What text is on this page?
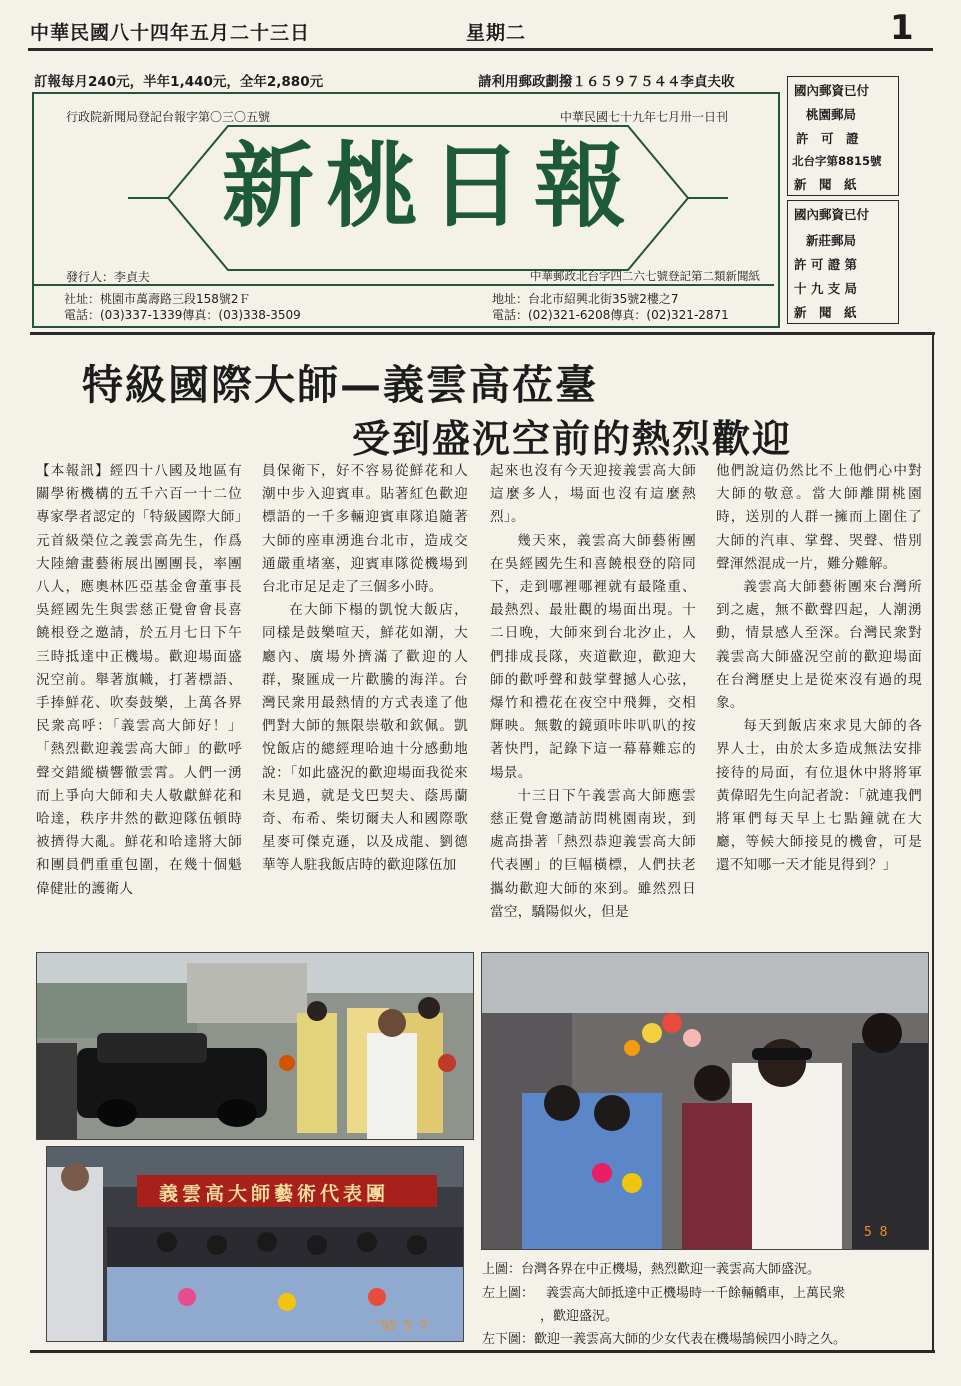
中華民國八十四年五月二十三日	星期二	1
訂報每月240元，半年1,440元，全年2,880元	請利用郵政劃撥１６５９７５４４李貞夫收
行政院新聞局登記台報字第〇三〇五號	中華民國七十九年七月卅一日刊
新桃日報
發行人：李貞夫	中華郵政北台字四二六七號登記第二類新聞紙
社址：桃園市萬壽路三段158號2Ｆ
電話：(03)337-1339傳真：(03)338-3509
地址：台北市紹興北街35號2樓之7
電話：(02)321-6208傳真：(02)321-2871
國內郵資已付
桃園郵局
許　可　證
北台字第8815號
新　聞　紙
國內郵資已付
新莊郵局
許 可 證 第
十 九 支 局
新　聞　紙
特級國際大師—義雲高莅臺
受到盛況空前的熱烈歡迎

【本報訊】經四十八國及地區有關學術機構的五千六百一十二位專家學者認定的「特級國際大師」元首級榮位之義雲高先生，作爲大陸繪畫藝術展出團團長，率團八人，應奧林匹亞基金會董事長吳經國先生與雲慈正覺會會長喜饒根登之邀請，於五月七日下午三時抵達中正機場。歡迎場面盛況空前。舉著旗幟，打著標語、手捧鮮花、吹奏鼓樂，上萬各界民衆高呼：「義雲高大師好！」「熱烈歡迎義雲高大師」的歡呼聲交錯縱橫響徹雲霄。人們一湧而上爭向大師和夫人敬獻鮮花和哈達，秩序井然的歡迎隊伍頓時被擠得大亂。鮮花和哈達將大師和團員們重重包圍，在幾十個魁偉健壯的護衛人

員保衛下，好不容易從鮮花和人潮中步入迎賓車。貼著紅色歡迎標語的一千多輛迎賓車隊追隨著大師的座車湧進台北市，造成交通嚴重堵塞，迎賓車隊從機場到台北市足足走了三個多小時。

在大師下榻的凱悅大飯店，同樣是鼓樂喧天，鮮花如潮，大廳內、廣場外擠滿了歡迎的人群，聚匯成一片歡騰的海洋。台灣民衆用最熱情的方式表達了他們對大師的無限崇敬和欽佩。凱悅飯店的總經理哈迪十分感動地說：「如此盛況的歡迎場面我從來未見過，就是戈巴契夫、蔭馬蘭奇、布希、柴切爾夫人和國際歌星麥可傑克遜，以及成龍、劉德華等人駐我飯店時的歡迎隊伍加

起來也沒有今天迎接義雲高大師這麼多人，場面也沒有這麼熱烈」。

幾天來，義雲高大師藝術團在吳經國先生和喜饒根登的陪同下，走到哪裡哪裡就有最隆重、最熱烈、最壯觀的場面出現。十二日晚，大師來到台北汐止，人們排成長隊，夾道歡迎，歡迎大師的歡呼聲和鼓掌聲撼人心弦，爆竹和禮花在夜空中飛舞，交相輝映。無數的鏡頭咔咔叭叭的按著快門，記錄下這一幕幕難忘的場景。

十三日下午義雲高大師應雲慈正覺會邀請訪問桃園南崁，到處高掛著「熱烈恭迎義雲高大師代表團」的巨幅橫標，人們扶老攜幼歡迎大師的來到。雖然烈日當空，驕陽似火，但是

他們說這仍然比不上他們心中對大師的敬意。當大師離開桃園時，送別的人群一擁而上圍住了大師的汽車、掌聲、哭聲、惜別聲渾然混成一片，難分難解。

義雲高大師藝術團來台灣所到之處，無不歡聲四起，人潮湧動，情景感人至深。台灣民衆對義雲高大師盛況空前的歡迎場面在台灣歷史上是從來沒有過的現象。

每天到飯店來求見大師的各界人士，由於太多造成無法安排接待的局面，有位退休中將將軍黃偉昭先生向記者說：「就連我們將軍們每天早上七點鐘就在大廳，等候大師接見的機會，可是還不知哪一天才能見得到？」

義雲高大師藝術代表團
'95 5 7
5 8
上圖：台灣各界在中正機場，熱烈歡迎一義雲高大師盛況。
左上圖： 義雲高大師抵達中正機場時一千餘輛轎車，上萬民衆
，歡迎盛況。
左下圖：歡迎一義雲高大師的少女代表在機場鵠候四小時之久。
